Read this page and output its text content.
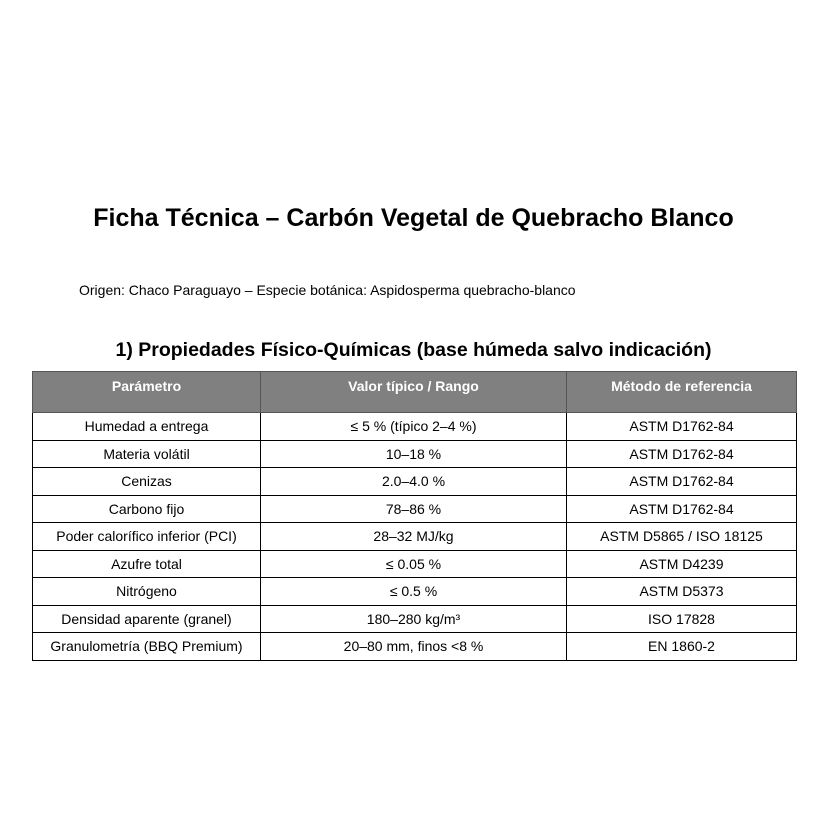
Ficha Técnica – Carbón Vegetal de Quebracho Blanco

Origen: Chaco Paraguayo – Especie botánica: Aspidosperma quebracho-blanco

1) Propiedades Físico-Químicas (base húmeda salvo indicación)
Parámetro	Valor típico / Rango	Método de referencia
Humedad a entrega	≤ 5 % (típico 2–4 %)	ASTM D1762-84
Materia volátil	10–18 %	ASTM D1762-84
Cenizas	2.0–4.0 %	ASTM D1762-84
Carbono fijo	78–86 %	ASTM D1762-84
Poder calorífico inferior (PCI)	28–32 MJ/kg	ASTM D5865 / ISO 18125
Azufre total	≤ 0.05 %	ASTM D4239
Nitrógeno	≤ 0.5 %	ASTM D5373
Densidad aparente (granel)	180–280 kg/m³	ISO 17828
Granulometría (BBQ Premium)	20–80 mm, finos <8 %	EN 1860-2
